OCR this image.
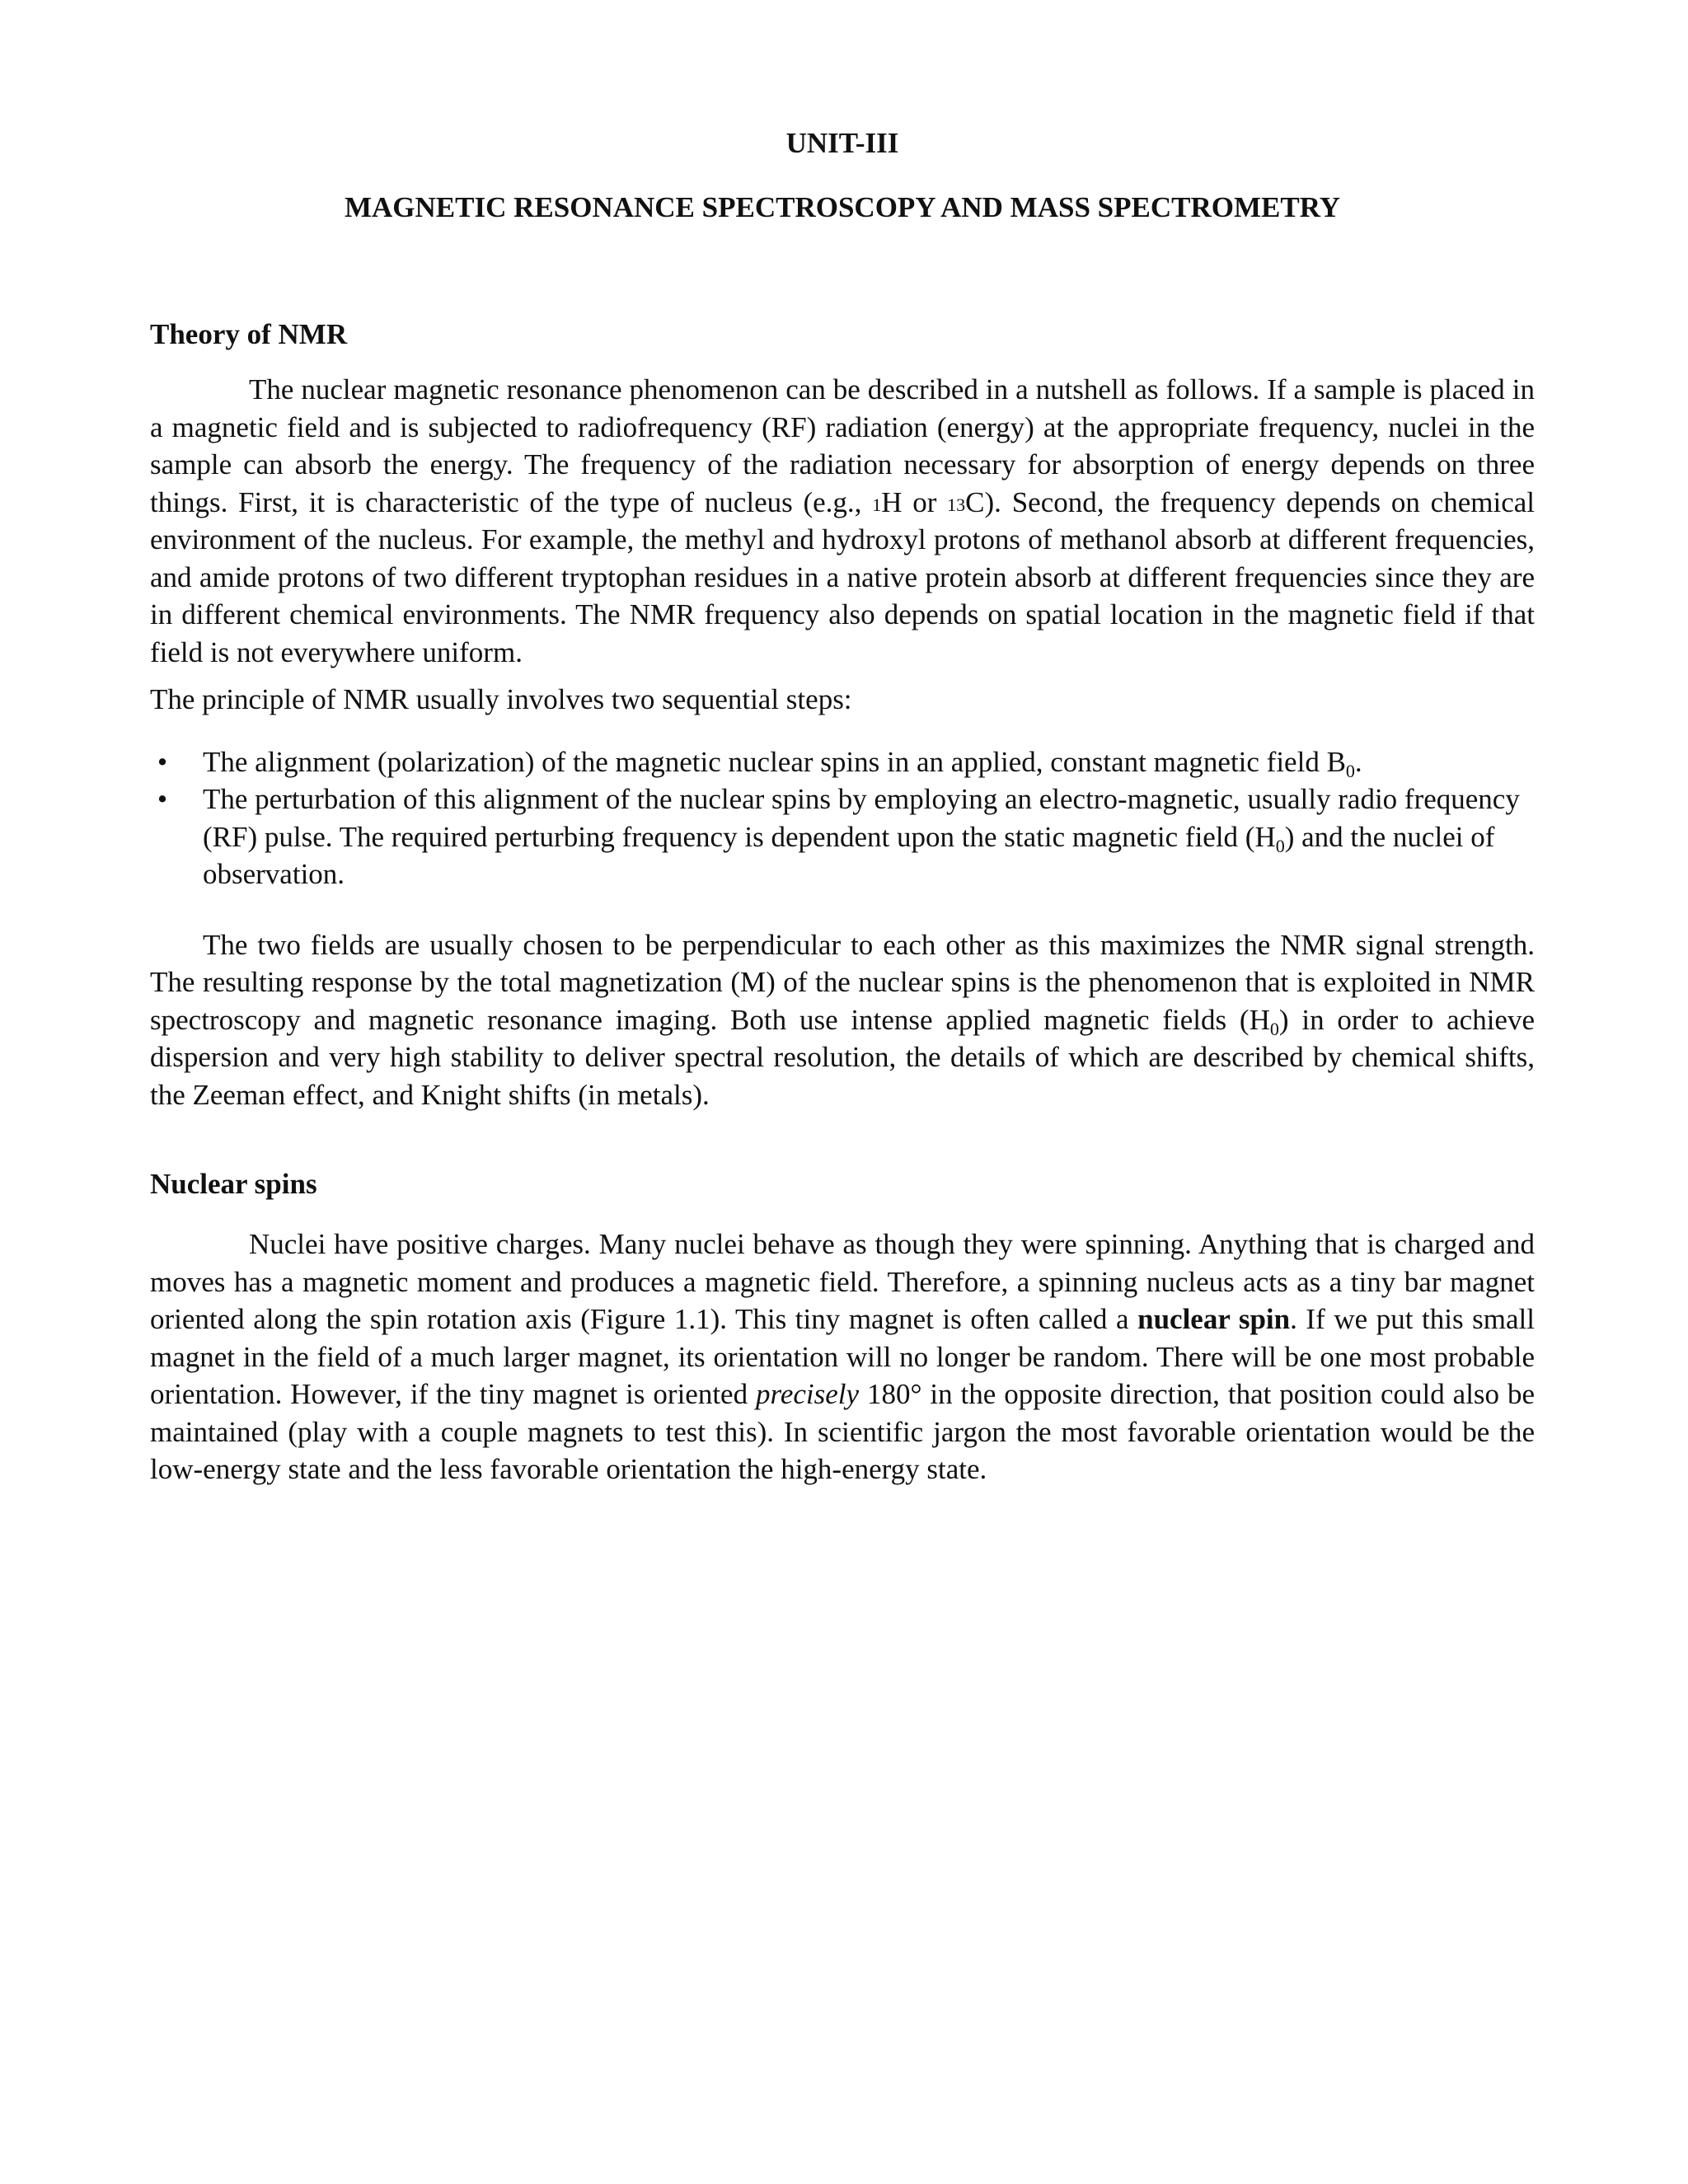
UNIT-III
MAGNETIC RESONANCE SPECTROSCOPY AND MASS SPECTROMETRY
Theory of NMR

The nuclear magnetic resonance phenomenon can be described in a nutshell as follows. If a sample is placed in a magnetic field and is subjected to radiofrequency (RF) radiation (energy) at the appropriate frequency, nuclei in the sample can absorb the energy. The frequency of the radiation necessary for absorption of energy depends on three things. First, it is characteristic of the type of nucleus (e.g., 1H or 13C). Second, the frequency depends on chemical environment of the nucleus. For example, the methyl and hydroxyl protons of methanol absorb at different frequencies, and amide protons of two different tryptophan residues in a native protein absorb at different frequencies since they are in different chemical environments. The NMR frequency also depends on spatial location in the magnetic field if that field is not everywhere uniform.

The principle of NMR usually involves two sequential steps:

• The alignment (polarization) of the magnetic nuclear spins in an applied, constant magnetic field $B_0$.
• The perturbation of this alignment of the nuclear spins by employing an electro-magnetic, usually radio frequency (RF) pulse. The required perturbing frequency is dependent upon the static magnetic field $(H_0)$ and the nuclei of observation.

The two fields are usually chosen to be perpendicular to each other as this maximizes the NMR signal strength. The resulting response by the total magnetization (M) of the nuclear spins is the phenomenon that is exploited in NMR spectroscopy and magnetic resonance imaging. Both use intense applied magnetic fields $(H_0)$ in order to achieve dispersion and very high stability to deliver spectral resolution, the details of which are described by chemical shifts, the Zeeman effect, and Knight shifts (in metals).

Nuclear spins

Nuclei have positive charges. Many nuclei behave as though they were spinning. Anything that is charged and moves has a magnetic moment and produces a magnetic field. Therefore, a spinning nucleus acts as a tiny bar magnet oriented along the spin rotation axis (Figure 1.1). This tiny magnet is often called a nuclear spin. If we put this small magnet in the field of a much larger magnet, its orientation will no longer be random. There will be one most probable orientation. However, if the tiny magnet is oriented precisely 180° in the opposite direction, that position could also be maintained (play with a couple magnets to test this). In scientific jargon the most favorable orientation would be the low-energy state and the less favorable orientation the high-energy state.
